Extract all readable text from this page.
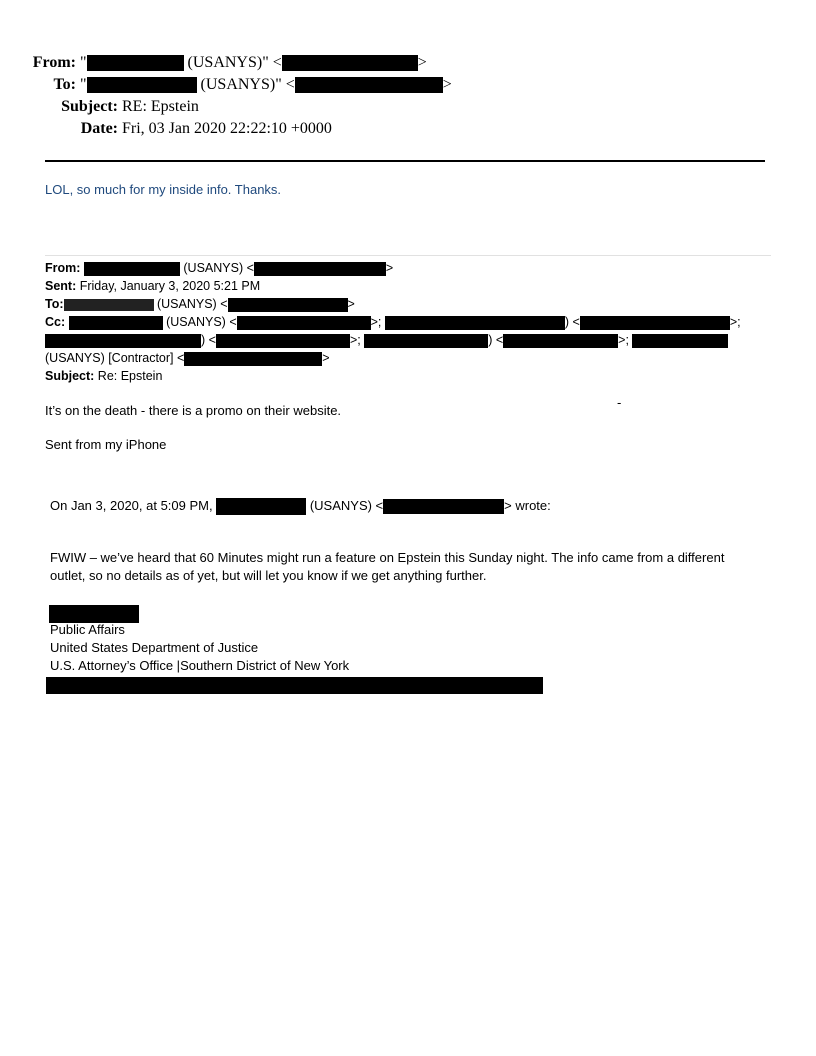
From: "	(USANYS)" <	>
To: "	(USANYS)" <	>
Subject: RE: Epstein
Date: Fri, 03 Jan 2020 22:22:10 +0000
LOL, so much for my inside info. Thanks.
From:	(USANYS) <	>
Sent: Friday, January 3, 2020 5:21 PM
To:	(USANYS) <	>
Cc:	(USANYS) <	>;	) <	>;
) <	>;	) <	>;
(USANYS) [Contractor] <	>
Subject: Re: Epstein
It’s on the death - there is a promo on their website.
-
Sent from my iPhone
On Jan 3, 2020, at 5:09 PM,	(USANYS) <	> wrote:
FWIW – we’ve heard that 60 Minutes might run a feature on Epstein this Sunday night. The info came from a different
outlet, so no details as of yet, but will let you know if we get anything further.
Public Affairs
United States Department of Justice
U.S. Attorney’s Office |Southern District of New York
